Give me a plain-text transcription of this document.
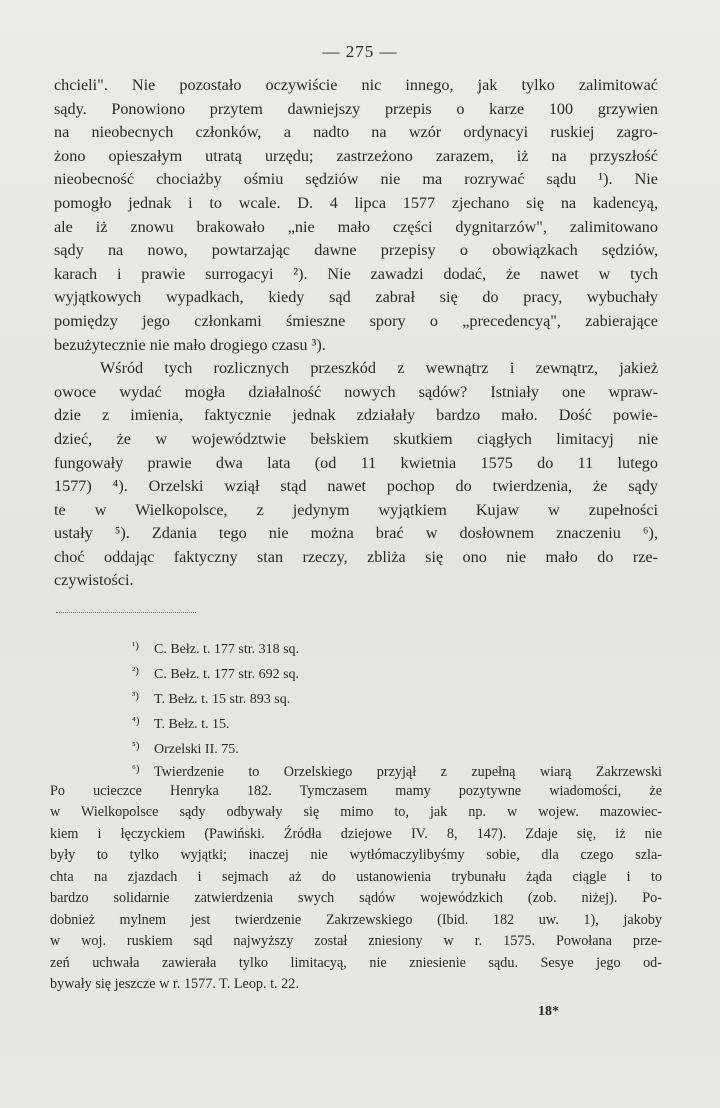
— 275 —
chcieli". Nie pozostało oczywiście nic innego, jak tylko zalimitować
sądy. Ponowiono przytem dawniejszy przepis o karze 100 grzywien
na nieobecnych członków, a nadto na wzór ordynacyi ruskiej zagro-
żono opieszałym utratą urzędu; zastrzeżono zarazem, iż na przyszłość
nieobecność chociażby ośmiu sędziów nie ma rozrywać sądu ¹). Nie
pomogło jednak i to wcale. D. 4 lipca 1577 zjechano się na kadencyą,
ale iż znowu brakowało „nie mało części dygnitarzów", zalimitowano
sądy na nowo, powtarzając dawne przepisy o obowiązkach sędziów,
karach i prawie surrogacyi ²). Nie zawadzi dodać, że nawet w tych
wyjątkowych wypadkach, kiedy sąd zabrał się do pracy, wybuchały
pomiędzy jego członkami śmieszne spory o „precedencyą", zabierające
bezużytecznie nie mało drogiego czasu ³).
Wśród tych rozlicznych przeszkód z wewnątrz i zewnątrz, jakież
owoce wydać mogła działalność nowych sądów? Istniały one wpraw-
dzie z imienia, faktycznie jednak zdziałały bardzo mało. Dość powie-
dzieć, że w województwie bełskiem skutkiem ciągłych limitacyj nie
fungowały prawie dwa lata (od 11 kwietnia 1575 do 11 lutego
1577) ⁴). Orzelski wziął stąd nawet pochop do twierdzenia, że sądy
te w Wielkopolsce, z jedynym wyjątkiem Kujaw w zupełności
ustały ⁵). Zdania tego nie można brać w dosłownem znaczeniu ⁶),
choć oddając faktyczny stan rzeczy, zbliża się ono nie mało do rze-
czywistości.
¹) C. Bełz. t. 177 str. 318 sq.
²) C. Bełz. t. 177 str. 692 sq.
³) T. Bełz. t. 15 str. 893 sq.
⁴) T. Bełz. t. 15.
⁵) Orzelski II. 75.
⁶) Twierdzenie to Orzelskiego przyjął z zupełną wiarą Zakrzewski
Po ucieczce Henryka 182. Tymczasem mamy pozytywne wiadomości, że
w Wielkopolsce sądy odbywały się mimo to, jak np. w wojew. mazowiec-
kiem i łęczyckiem (Pawiński. Źródła dziejowe IV. 8, 147). Zdaje się, iż nie
były to tylko wyjątki; inaczej nie wytłómaczylibyśmy sobie, dla czego szla-
chta na zjazdach i sejmach aż do ustanowienia trybunału żąda ciągle i to
bardzo solidarnie zatwierdzenia swych sądów wojewódzkich (zob. niżej). Po-
dobnież mylnem jest twierdzenie Zakrzewskiego (Ibid. 182 uw. 1), jakoby
w woj. ruskiem sąd najwyższy został zniesiony w r. 1575. Powołana prze-
zeń uchwała zawierała tylko limitacyą, nie zniesienie sądu. Sesye jego od-
bywały się jeszcze w r. 1577. T. Leop. t. 22.
18*
